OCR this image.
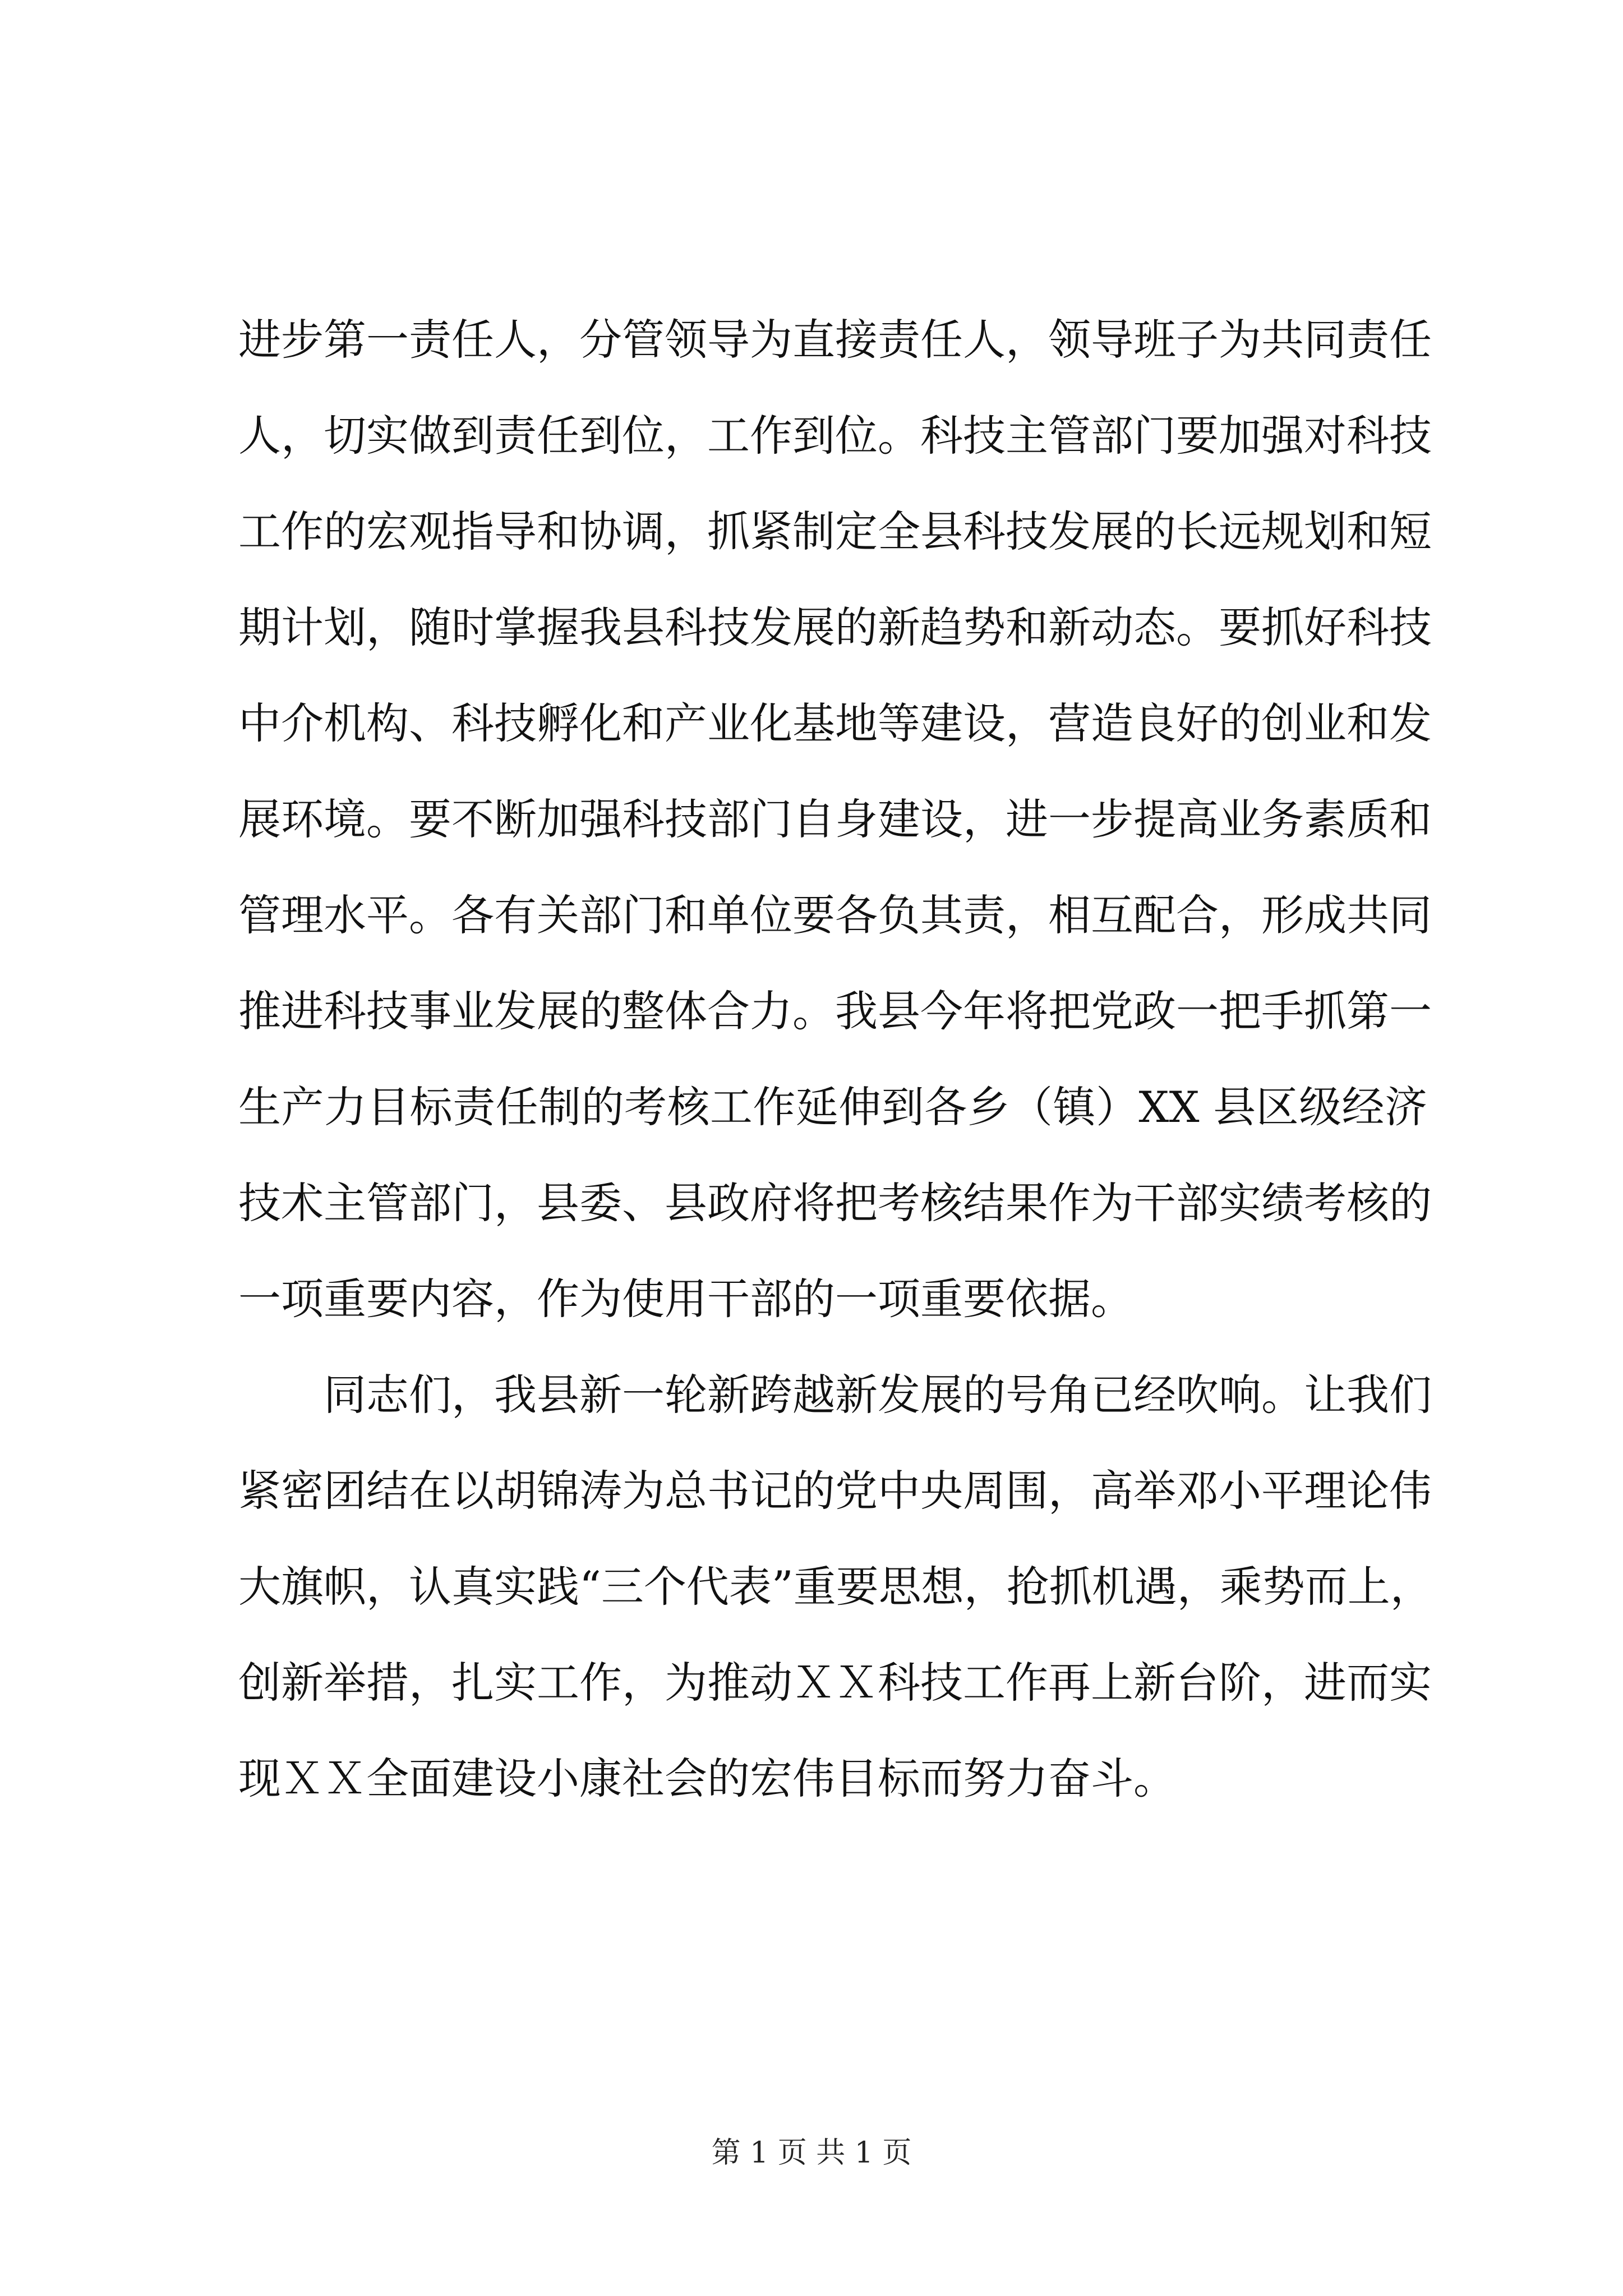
进步第一责任人，分管领导为直接责任人，领导班子为共同责任
人，切实做到责任到位，工作到位。科技主管部门要加强对科技
工作的宏观指导和协调，抓紧制定全县科技发展的长远规划和短
期计划，随时掌握我县科技发展的新趋势和新动态。要抓好科技
中介机构、科技孵化和产业化基地等建设，营造良好的创业和发
展环境。要不断加强科技部门自身建设，进一步提高业务素质和
管理水平。各有关部门和单位要各负其责，相互配合，形成共同
推进科技事业发展的整体合力。我县今年将把党政一把手抓第一
生产力目标责任制的考核工作延伸到各乡（镇）XX 县区级经济
技术主管部门，县委、县政府将把考核结果作为干部实绩考核的
一项重要内容，作为使用干部的一项重要依据。
同志们，我县新一轮新跨越新发展的号角已经吹响。让我们
紧密团结在以胡锦涛为总书记的党中央周围，高举邓小平理论伟
大旗帜，认真实践“三个代表”重要思想，抢抓机遇，乘势而上，
创新举措，扎实工作，为推动ＸＸ科技工作再上新台阶，进而实
现ＸＸ全面建设小康社会的宏伟目标而努力奋斗。
第 1 页 共 1 页
